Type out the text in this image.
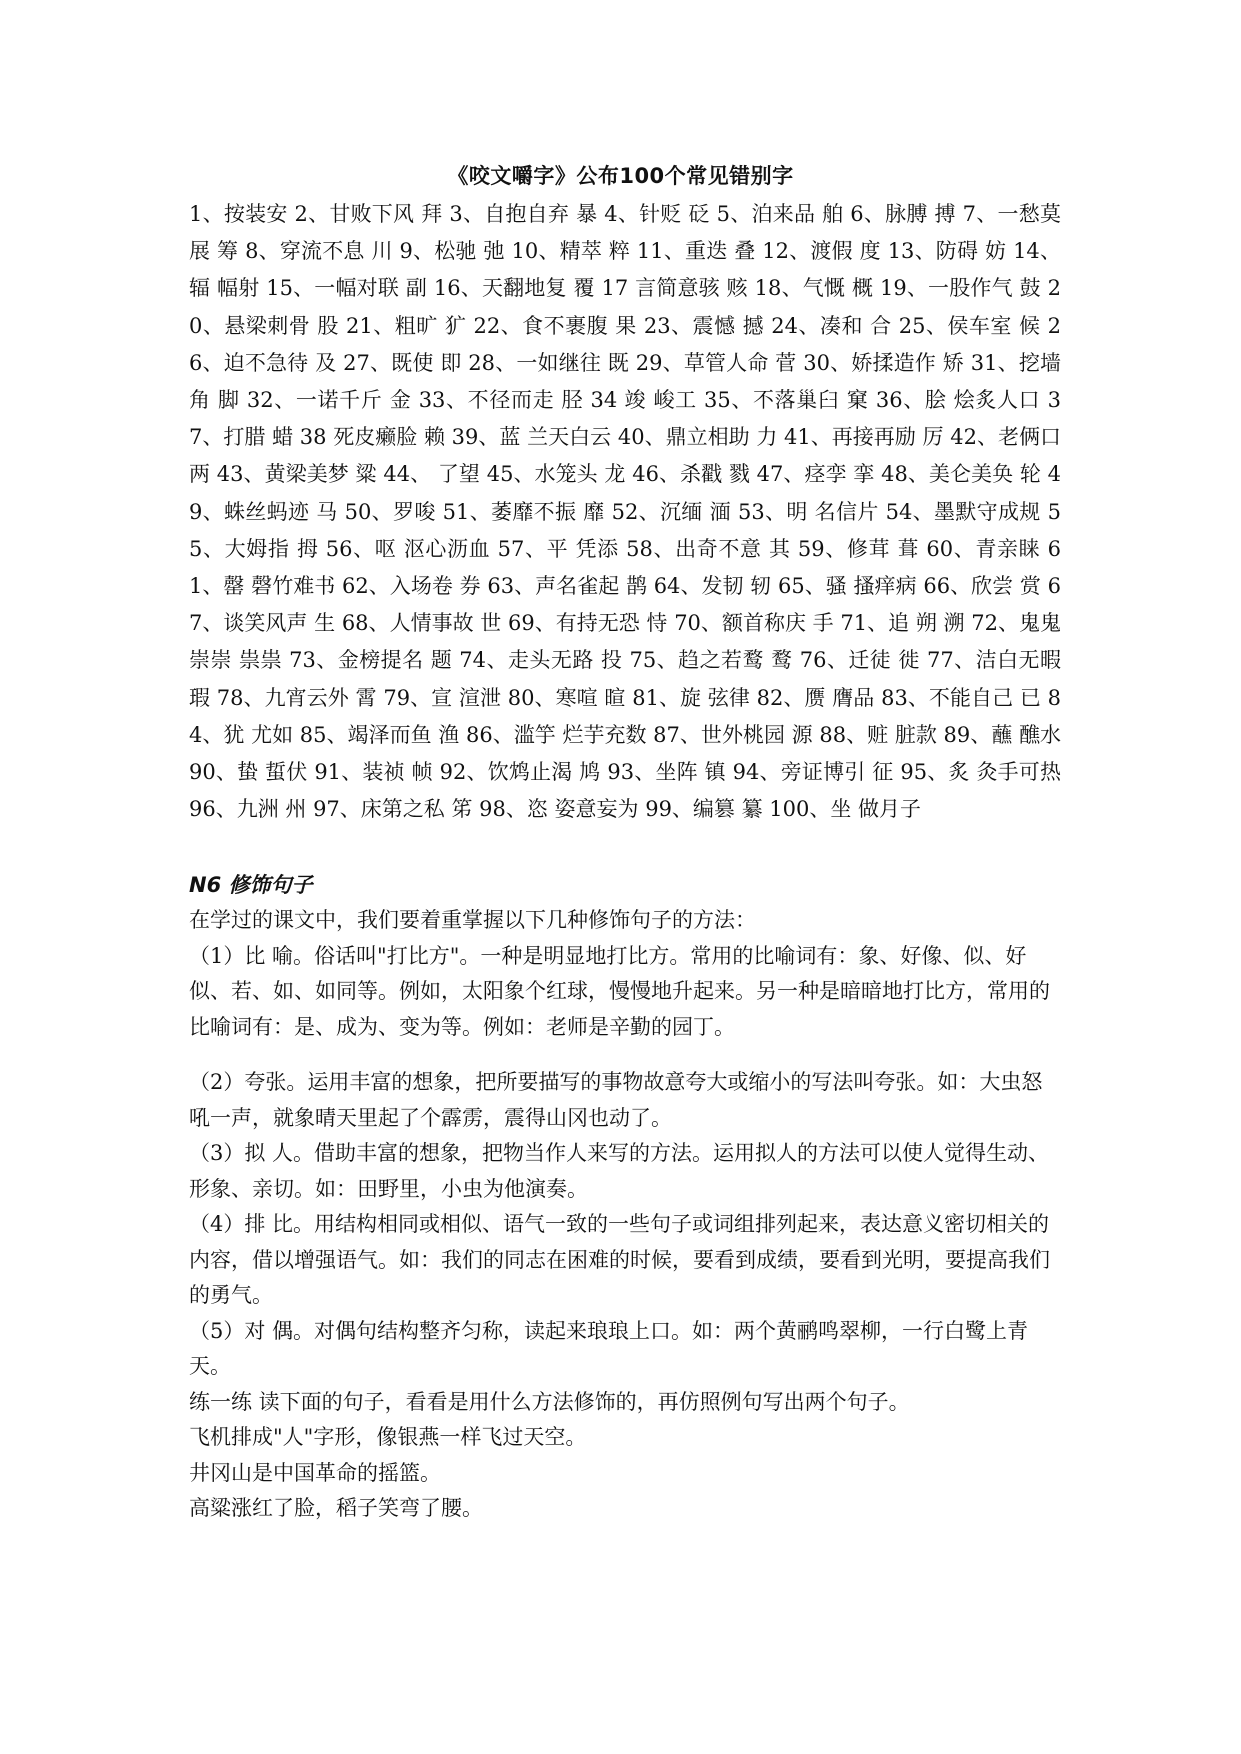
《咬文嚼字》公布100个常见错别字
1、按装安 2、甘败下风 拜 3、自抱自弃 暴 4、针贬 砭 5、泊来品 舶 6、脉膊 搏 7、一愁莫展 筹 8、穿流不息 川 9、松驰 弛 10、精萃 粹 11、重迭 叠 12、渡假 度 13、防碍 妨 14、辐 幅射 15、一幅对联 副 16、天翻地复 覆 17 言简意骇 赅 18、气慨 概 19、一股作气 鼓 20、悬梁刺骨 股 21、粗旷 犷 22、食不裹腹 果 23、震憾 撼 24、凑和 合 25、侯车室 候 26、迫不急待 及 27、既使 即 28、一如继往 既 29、草管人命 菅 30、娇揉造作 矫 31、挖墙角 脚 32、一诺千斤 金 33、不径而走 胫 34 竣 峻工 35、不落巢臼 窠 36、脍 烩炙人口 37、打腊 蜡 38 死皮癞脸 赖 39、蓝 兰天白云 40、鼎立相助 力 41、再接再励 厉 42、老俩口 两 43、黄梁美梦 粱 44、 了望 45、水笼头 龙 46、杀戳 戮 47、痉孪 挛 48、美仑美奂 轮 49、蛛丝蚂迹 马 50、罗唆 51、萎靡不振 靡 52、沉缅 湎 53、明 名信片 54、墨默守成规 55、大姆指 拇 56、呕 沤心沥血 57、平 凭添 58、出奇不意 其 59、修茸 葺 60、青亲睐 61、罄 磬竹难书 62、入场卷 券 63、声名雀起 鹊 64、发韧 轫 65、骚 搔痒病 66、欣尝 赏 67、谈笑风声 生 68、人情事故 世 69、有持无恐 恃 70、额首称庆 手 71、追 朔 溯 72、鬼鬼崇崇 祟祟 73、金榜提名 题 74、走头无路 投 75、趋之若鹜 鹜 76、迁徒 徙 77、洁白无暇 瑕 78、九宵云外 霄 79、宣 渲泄 80、寒喧 暄 81、旋 弦律 82、赝 膺品 83、不能自己 已 84、犹 尤如 85、竭泽而鱼 渔 86、滥竽 烂芋充数 87、世外桃园 源 88、赃 脏款 89、蘸 醮水 90、蛰 蜇伏 91、装祯 帧 92、饮鸩止渴 鸠 93、坐阵 镇 94、旁证博引 征 95、炙 灸手可热 96、九洲 州 97、床第之私 笫 98、恣 姿意妄为 99、编篡 纂 100、坐 做月子
N6 修饰句子

在学过的课文中，我们要着重掌握以下几种修饰句子的方法：

（1）比 喻。俗话叫"打比方"。一种是明显地打比方。常用的比喻词有：象、好像、似、好似、若、如、如同等。例如，太阳象个红球，慢慢地升起来。另一种是暗暗地打比方，常用的比喻词有：是、成为、变为等。例如：老师是辛勤的园丁。

（2）夸张。运用丰富的想象，把所要描写的事物故意夸大或缩小的写法叫夸张。如：大虫怒吼一声，就象晴天里起了个霹雳，震得山冈也动了。

（3）拟 人。借助丰富的想象，把物当作人来写的方法。运用拟人的方法可以使人觉得生动、形象、亲切。如：田野里，小虫为他演奏。

（4）排 比。用结构相同或相似、语气一致的一些句子或词组排列起来，表达意义密切相关的内容，借以增强语气。如：我们的同志在困难的时候，要看到成绩，要看到光明，要提高我们的勇气。

（5）对 偶。对偶句结构整齐匀称，读起来琅琅上口。如：两个黄鹂鸣翠柳，一行白鹭上青天。

练一练 读下面的句子，看看是用什么方法修饰的，再仿照例句写出两个句子。

飞机排成"人"字形，像银燕一样飞过天空。

井冈山是中国革命的摇篮。

高粱涨红了脸，稻子笑弯了腰。
